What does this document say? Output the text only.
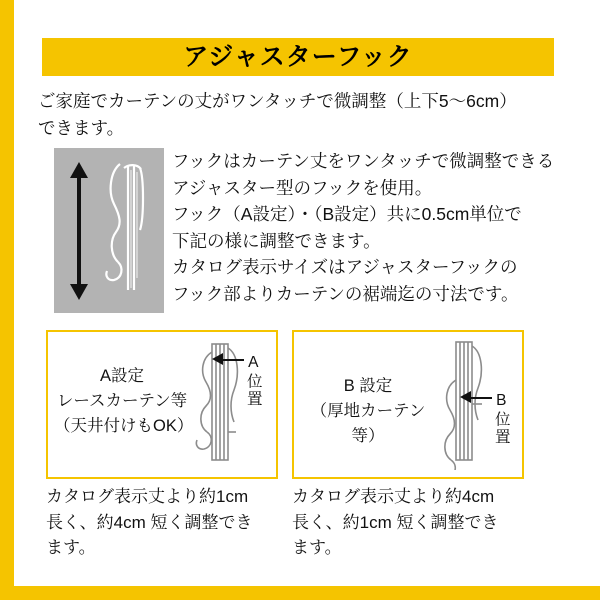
アジャスターフック
ご家庭でカーテンの丈がワンタッチで微調整（上下5〜6cm）
できます。
フックはカーテン丈をワンタッチで微調整できる
アジャスター型のフックを使用。
フック（A設定）・（B設定）共に0.5cm単位で
下記の様に調整できます。
カタログ表示サイズはアジャスターフックの
フック部よりカーテンの裾端迄の寸法です。
A設定
レースカーテン等
（天井付けもOK）
A位置	B 設定
（厚地カーテン等）	B位置
カタログ表示丈より約1cm
長く、約4cm 短く調整でき
ます。
カタログ表示丈より約4cm
長く、約1cm 短く調整でき
ます。
